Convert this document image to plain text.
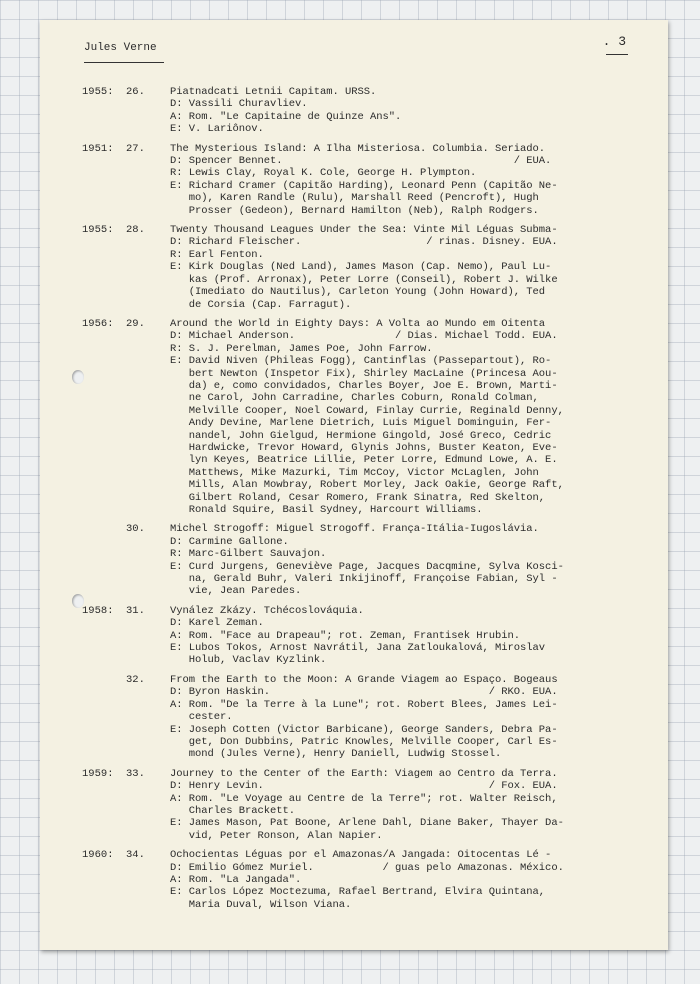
Jules Verne	. 3
1955:	26.	Piatnadcati Letnii Capitam. URSS.
D: Vassili Churavliev.
A: Rom. "Le Capitaine de Quinze Ans".
E: V. Lariônov.
1951:	27.	The Mysterious Island: A Ilha Misteriosa. Columbia. Seriado.
D: Spencer Bennet.                                     / EUA.
R: Lewis Clay, Royal K. Cole, George H. Plympton.
E: Richard Cramer (Capitão Harding), Leonard Penn (Capitão Ne-
mo), Karen Randle (Rulu), Marshall Reed (Pencroft), Hugh
Prosser (Gedeon), Bernard Hamilton (Neb), Ralph Rodgers.
1955:	28.	Twenty Thousand Leagues Under the Sea: Vinte Mil Léguas Subma-
D: Richard Fleischer.                    / rinas. Disney. EUA.
R: Earl Fenton.
E: Kirk Douglas (Ned Land), James Mason (Cap. Nemo), Paul Lu-
kas (Prof. Arronax), Peter Lorre (Conseil), Robert J. Wilke
(Imediato do Nautilus), Carleton Young (John Howard), Ted
de Corsia (Cap. Farragut).
1956:	29.	Around the World in Eighty Days: A Volta ao Mundo em Oitenta
D: Michael Anderson.                / Dias. Michael Todd. EUA.
R: S. J. Perelman, James Poe, John Farrow.
E: David Niven (Phileas Fogg), Cantinflas (Passepartout), Ro-
bert Newton (Inspetor Fix), Shirley MacLaine (Princesa Aou-
da) e, como convidados, Charles Boyer, Joe E. Brown, Marti-
ne Carol, John Carradine, Charles Coburn, Ronald Colman,
Melville Cooper, Noel Coward, Finlay Currie, Reginald Denny,
Andy Devine, Marlene Dietrich, Luis Miguel Dominguin, Fer-
nandel, John Gielgud, Hermione Gingold, José Greco, Cedric
Hardwicke, Trevor Howard, Glynis Johns, Buster Keaton, Eve-
lyn Keyes, Beatrice Lillie, Peter Lorre, Edmund Lowe, A. E.
Matthews, Mike Mazurki, Tim McCoy, Victor McLaglen, John
Mills, Alan Mowbray, Robert Morley, Jack Oakie, George Raft,
Gilbert Roland, Cesar Romero, Frank Sinatra, Red Skelton,
Ronald Squire, Basil Sydney, Harcourt Williams.
30.	Michel Strogoff: Miguel Strogoff. França-Itália-Iugoslávia.
D: Carmine Gallone.
R: Marc-Gilbert Sauvajon.
E: Curd Jurgens, Geneviève Page, Jacques Dacqmine, Sylva Kosci-
na, Gerald Buhr, Valeri Inkijinoff, Françoise Fabian, Syl -
vie, Jean Paredes.
1958:	31.	Vynález Zkázy. Tchécoslováquia.
D: Karel Zeman.
A: Rom. "Face au Drapeau"; rot. Zeman, Frantisek Hrubin.
E: Lubos Tokos, Arnost Navrátil, Jana Zatloukalová, Miroslav
Holub, Vaclav Kyzlink.
32.	From the Earth to the Moon: A Grande Viagem ao Espaço. Bogeaus
D: Byron Haskin.                                   / RKO. EUA.
A: Rom. "De la Terre à la Lune"; rot. Robert Blees, James Lei-
cester.
E: Joseph Cotten (Victor Barbicane), George Sanders, Debra Pa-
get, Don Dubbins, Patric Knowles, Melville Cooper, Carl Es-
mond (Jules Verne), Henry Daniell, Ludwig Stossel.
1959:	33.	Journey to the Center of the Earth: Viagem ao Centro da Terra.
D: Henry Levin.                                    / Fox. EUA.
A: Rom. "Le Voyage au Centre de la Terre"; rot. Walter Reisch,
Charles Brackett.
E: James Mason, Pat Boone, Arlene Dahl, Diane Baker, Thayer Da-
vid, Peter Ronson, Alan Napier.
1960:	34.	Ochocientas Léguas por el Amazonas/A Jangada: Oitocentas Lé -
D: Emilio Gómez Muriel.           / guas pelo Amazonas. México.
A: Rom. "La Jangada".
E: Carlos López Moctezuma, Rafael Bertrand, Elvira Quintana,
Maria Duval, Wilson Viana.
